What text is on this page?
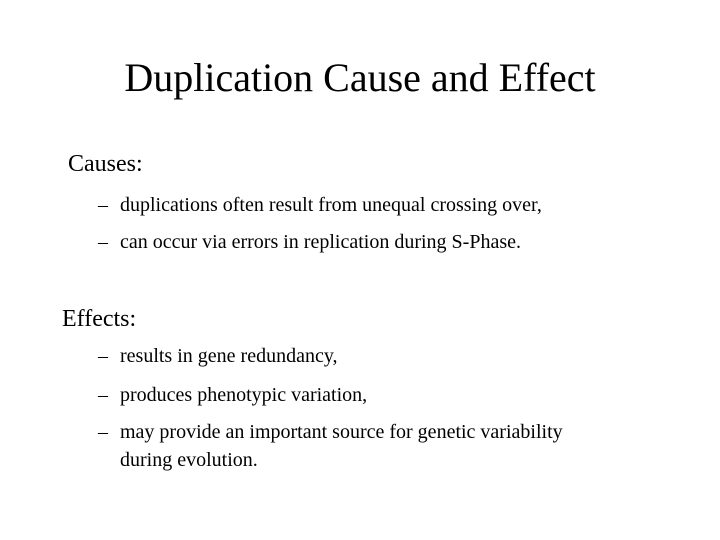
Duplication Cause and Effect
Causes:
– duplications often result from unequal crossing over,
– can occur via errors in replication during S-Phase.
Effects:
– results in gene redundancy,
– produces phenotypic variation,
– may provide an important source for genetic variability
during evolution.
